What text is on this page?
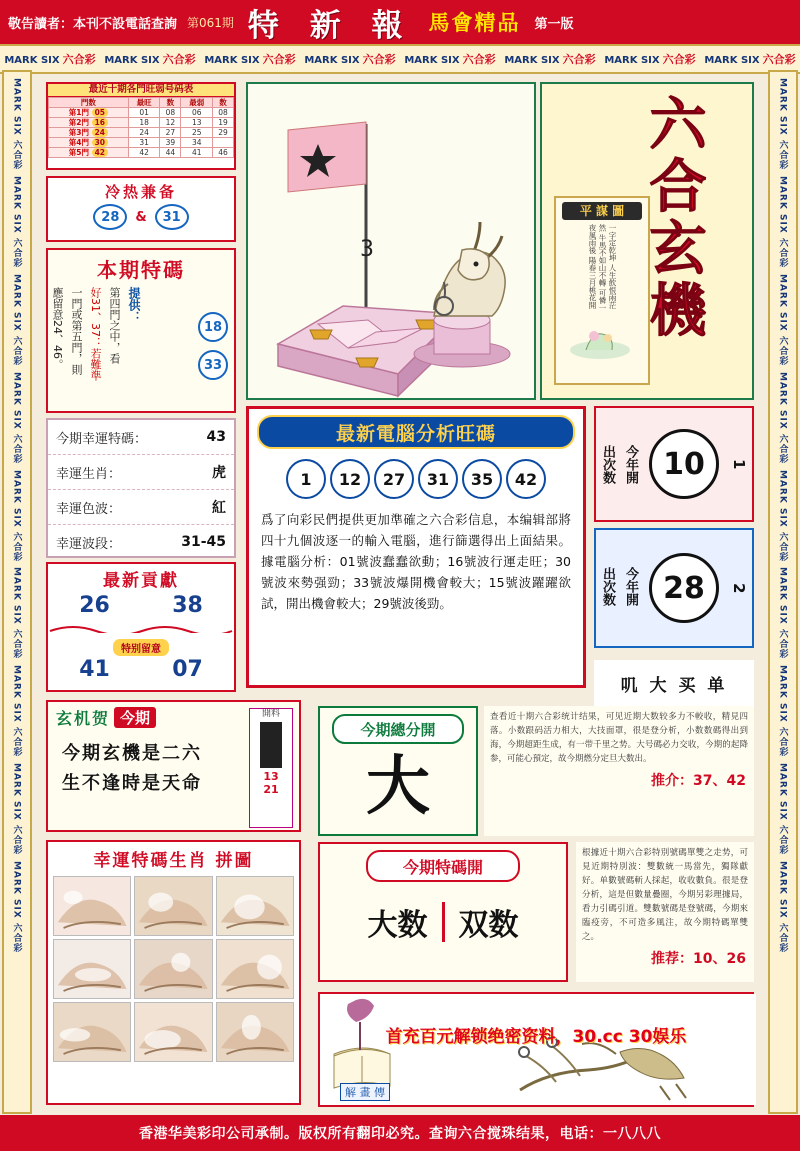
敬告讀者：本刊不設電話查詢 第061期 特 新 報 馬會精品 第一版
MARK SIX 六合彩 MARK SIX 六合彩 MARK SIX 六合彩 MARK SIX 六合彩 MARK SIX 六合彩 MARK SIX 六合彩 MARK SIX 六合彩 MARK SIX 六合彩
MARK SIX 六合彩
MARK SIX 六合彩
MARK SIX 六合彩
MARK SIX 六合彩
MARK SIX 六合彩
MARK SIX 六合彩
MARK SIX 六合彩
MARK SIX 六合彩
MARK SIX 六合彩
MARK SIX 六合彩
MARK SIX 六合彩
MARK SIX 六合彩
MARK SIX 六合彩
MARK SIX 六合彩
MARK SIX 六合彩
MARK SIX 六合彩
MARK SIX 六合彩
MARK SIX 六合彩
最近十期各門旺弱号码表
門数	最旺	数	最弱	数
第1門 05	01	08	06	08
第2門 16	18	12	13	19
第3門 24	24	27	25	29
第4門 30	31	39	34	
第5門 42	42	44	41	46
冷热兼备
28	&	31
本期特碼
應留意24、46。 一門或第五門，則 好31、37：若難準 第四門之中，看 提供：
18
33
今期幸運特碼：	43
幸運生肖：	虎
幸運色波：	紅
幸運波段：	31-45
最新貢獻
26	38
特别留意
41	07
玄机贺 今期
今期玄機是二六
生不逢時是天命
開料
13
21
幸運特碼生肖 拼圖
3
六
合
玄
機
平 謀 圖
一字定乾坤 人生飲恨兩茫然 牛馬不如山不轉 可憐一夜風雨後 陽春三月桃花開
最新電腦分析旺碼
1	12	27	31	35	42
爲了向彩民們提供更加準確之六合彩信息，本编辑部將四十九個波逐一的輸入電腦，進行篩選得出上面結果。據電腦分析：01號波蠢蠢欲動；16號波行運走旺；30號波來勢强勁；33號波爆開機會較大；15號波躍躍欲試，開出機會較大；29號波後勁。
出次数 今年開 10	1
出次数 今年開 28	2
叽 大 买 单
今期總分開
大
今期特碼開
大数 双数
查看近十期六合彩统计结果，可见近期大数较多力不較收，精見四落。小数跟码活力相大，大技面罩，很是登分析，小数数碼得出到海，今期超距生成，有一带千里之势。大号碼必力交收，今期的起降参，可能心預定，故今期燃分定旦大数出。
推介：37、42
根據近十期六合彩特別號碼單雙之走势，可見近期特別波：雙數統一馬當先，獨隊獻好。单數號碼斬人採起，收收數負。很是登分析，這是但數量疊圈，今期另彩理據局，看力引碼引道。雙數號碼是登號碼，今期來臨疫旁，不可造多風注，故今期特碼單雙之。
推荐：10、26
首充百元解锁绝密资料，30.cc 30娱乐
解 畫 傳
香港华美彩印公司承制。版权所有翻印必究。查询六合搅珠结果，电话：一八八八
